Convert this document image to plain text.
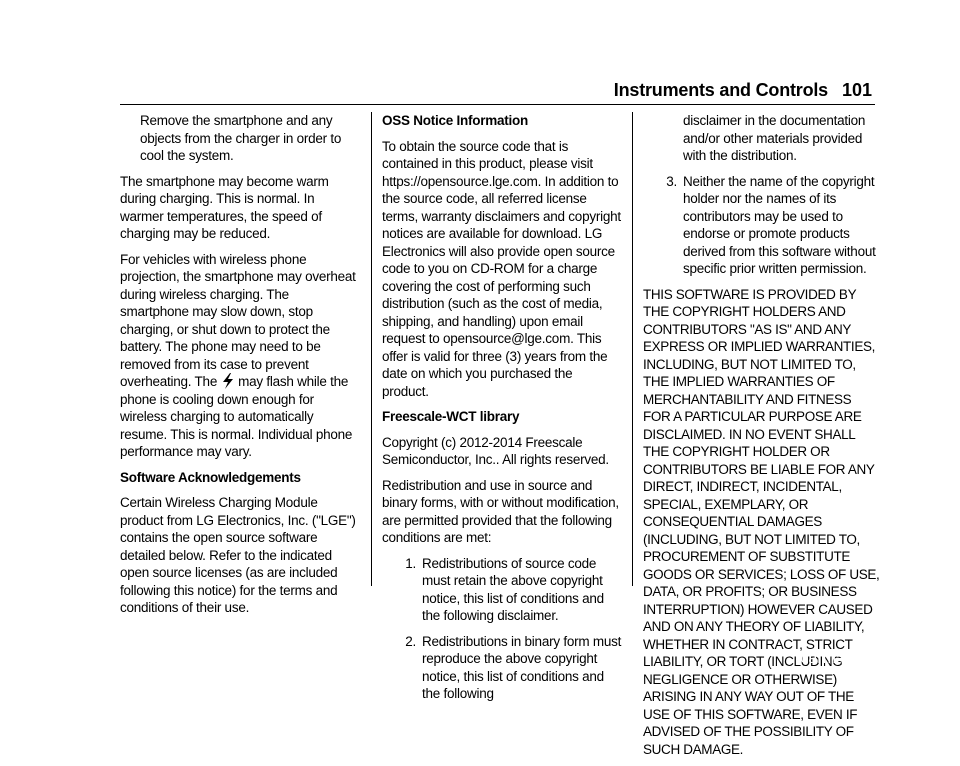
Instruments and Controls 101

Remove the smartphone and any objects from the charger in order to cool the system.

The smartphone may become warm during charging. This is normal. In warmer temperatures, the speed of charging may be reduced.

For vehicles with wireless phone projection, the smartphone may overheat during wireless charging. The smartphone may slow down, stop charging, or shut down to protect the battery. The phone may need to be removed from its case to prevent overheating. The may flash while the phone is cooling down enough for wireless charging to automatically resume. This is normal. Individual phone performance may vary.

Software Acknowledgements

Certain Wireless Charging Module product from LG Electronics, Inc. ("LGE") contains the open source software detailed below. Refer to the indicated open source licenses (as are included following this notice) for the terms and conditions of their use.

OSS Notice Information

To obtain the source code that is contained in this product, please visit https://opensource.lge.com. In addition to the source code, all referred license terms, warranty disclaimers and copyright notices are available for download. LG Electronics will also provide open source code to you on CD-ROM for a charge covering the cost of performing such distribution (such as the cost of media, shipping, and handling) upon email request to opensource@lge.com. This offer is valid for three (3) years from the date on which you purchased the product.

Freescale-WCT library

Copyright (c) 2012-2014 Freescale Semiconductor, Inc.. All rights reserved.

Redistribution and use in source and binary forms, with or without modification, are permitted provided that the following conditions are met:

1. Redistributions of source code must retain the above copyright notice, this list of conditions and the following disclaimer.
2. Redistributions in binary form must reproduce the above copyright notice, this list of conditions and the following
disclaimer in the documentation and/or other materials provided with the distribution.
3. Neither the name of the copyright holder nor the names of its contributors may be used to endorse or promote products derived from this software without specific prior written permission.

THIS SOFTWARE IS PROVIDED BY THE COPYRIGHT HOLDERS AND CONTRIBUTORS "AS IS" AND ANY EXPRESS OR IMPLIED WARRANTIES, INCLUDING, BUT NOT LIMITED TO, THE IMPLIED WARRANTIES OF MERCHANTABILITY AND FITNESS FOR A PARTICULAR PURPOSE ARE DISCLAIMED. IN NO EVENT SHALL THE COPYRIGHT HOLDER OR CONTRIBUTORS BE LIABLE FOR ANY DIRECT, INDIRECT, INCIDENTAL, SPECIAL, EXEMPLARY, OR CONSEQUENTIAL DAMAGES (INCLUDING, BUT NOT LIMITED TO, PROCUREMENT OF SUBSTITUTE GOODS OR SERVICES; LOSS OF USE, DATA, OR PROFITS; OR BUSINESS INTERRUPTION) HOWEVER CAUSED AND ON ANY THEORY OF LIABILITY, WHETHER IN CONTRACT, STRICT LIABILITY, OR TORT (INCLUDING NEGLIGENCE OR OTHERWISE) ARISING IN ANY WAY OUT OF THE USE OF THIS SOFTWARE, EVEN IF ADVISED OF THE POSSIBILITY OF SUCH DAMAGE.

carmanualsonline.info
